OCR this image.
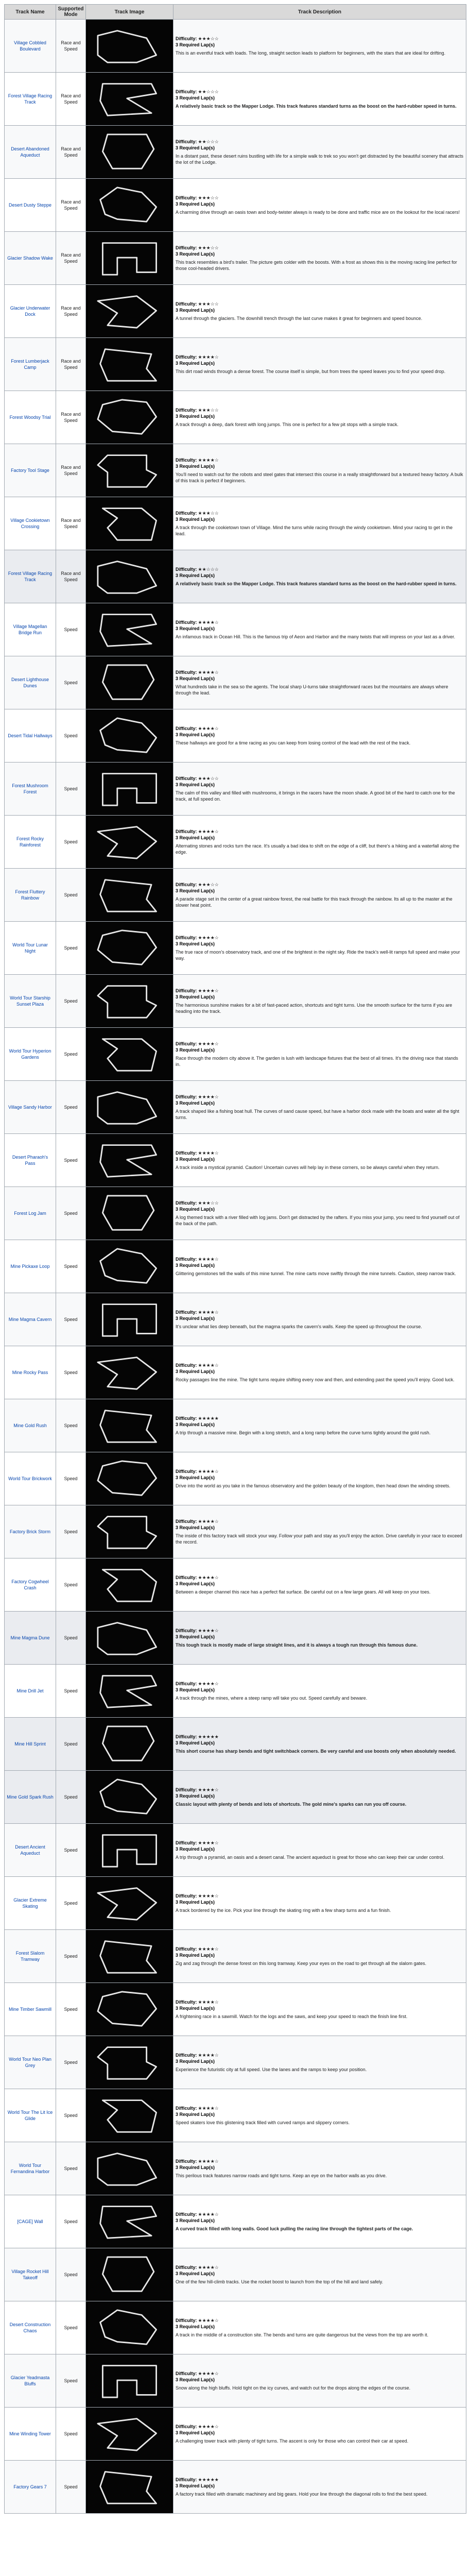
Track Name	Supported Mode	Track Image	Track Description
Village Cobbled Boulevard	Race and Speed		Difficulty: ★★★☆☆
3 Required Lap(s)
This is an eventful track with loads. The long, straight section leads to platform for beginners, with the stars that are ideal for drifting.

Forest Village Racing Track	Race and Speed		Difficulty: ★★☆☆☆
3 Required Lap(s)
A relatively basic track so the Mapper Lodge. This track features standard turns as the boost on the hard-rubber speed in turns.

Desert Abandoned Aqueduct	Race and Speed		Difficulty: ★★☆☆☆
3 Required Lap(s)
In a distant past, these desert ruins bustling with life for a simple walk to trek so you won't get distracted by the beautiful scenery that attracts the lot of the Lodge.

Desert Dusty Steppe	Race and Speed		Difficulty: ★★★☆☆
3 Required Lap(s)
A charming drive through an oasis town and body-twister always is ready to be done and traffic mice are on the lookout for the local racers!

Glacier Shadow Wake	Race and Speed		Difficulty: ★★★☆☆
3 Required Lap(s)
This track resembles a bird's trailer. The picture gets colder with the boosts. With a frost as shows this is the moving racing line perfect for those cool-headed drivers.

Glacier Underwater Dock	Race and Speed		Difficulty: ★★★☆☆
3 Required Lap(s)
A tunnel through the glaciers. The downhill trench through the last curve makes it great for beginners and speed bounce.

Forest Lumberjack Camp	Race and Speed		Difficulty: ★★★★☆
3 Required Lap(s)
This dirt road winds through a dense forest. The course itself is simple, but from trees the speed leaves you to find your speed drop.

Forest Woodsy Trial	Race and Speed		Difficulty: ★★★☆☆
3 Required Lap(s)
A track through a deep, dark forest with long jumps. This one is perfect for a few pit stops with a simple track.

Factory Tool Stage	Race and Speed		Difficulty: ★★★★☆
3 Required Lap(s)
You'll need to watch out for the robots and steel gates that intersect this course in a really straightforward but a textured heavy factory. A bulk of this track is perfect if beginners.

Village Cookietown Crossing	Race and Speed		Difficulty: ★★★☆☆
3 Required Lap(s)
A track through the cookietown town of Village. Mind the turns while racing through the windy cookietown. Mind your racing to get in the lead.

Forest Village Racing Track	Race and Speed		Difficulty: ★★☆☆☆
3 Required Lap(s)
A relatively basic track so the Mapper Lodge. This track features standard turns as the boost on the hard-rubber speed in turns.

Village Magellan Bridge Run	Speed		Difficulty: ★★★★☆
3 Required Lap(s)
An infamous track in Ocean Hill. This is the famous trip of Aeon and Harbor and the many twists that will impress on your last as a driver.

Desert Lighthouse Dunes	Speed		Difficulty: ★★★★☆
3 Required Lap(s)
What hundreds take in the sea so the agents. The local sharp U-turns take straightforward races but the mountains are always where through the lead.

Desert Tidal Hallways	Speed		Difficulty: ★★★★☆
3 Required Lap(s)
These hallways are good for a time racing as you can keep from losing control of the lead with the rest of the track.

Forest Mushroom Forest	Speed		Difficulty: ★★★☆☆
3 Required Lap(s)
The calm of this valley and filled with mushrooms, it brings in the racers have the moon shade. A good bit of the hard to catch one for the track, at full speed on.

Forest Rocky Rainforest	Speed		Difficulty: ★★★★☆
3 Required Lap(s)
Alternating stones and rocks turn the race. It's usually a bad idea to shift on the edge of a cliff, but there's a hiking and a waterfall along the edge.

Forest Fluttery Rainbow	Speed		Difficulty: ★★★☆☆
3 Required Lap(s)
A parade stage set in the center of a great rainbow forest, the real battle for this track through the rainbow. Its all up to the master at the slower heat point.

World Tour Lunar Night	Speed		Difficulty: ★★★★☆
3 Required Lap(s)
The true race of moon's observatory track, and one of the brightest in the night sky. Ride the track's well-lit ramps full speed and make your way.

World Tour Starship Sunset Plaza	Speed		Difficulty: ★★★★☆
3 Required Lap(s)
The harmonious sunshine makes for a bit of fast-paced action, shortcuts and tight turns. Use the smooth surface for the turns if you are heading into the track.

World Tour Hyperion Gardens	Speed		Difficulty: ★★★★☆
3 Required Lap(s)
Race through the modern city above it. The garden is lush with landscape fixtures that the best of all times. It's the driving race that stands in.

Village Sandy Harbor	Speed		Difficulty: ★★★★☆
3 Required Lap(s)
A track shaped like a fishing boat hull. The curves of sand cause speed, but have a harbor dock made with the boats and water all the tight turns.

Desert Pharaoh's Pass	Speed		Difficulty: ★★★★☆
3 Required Lap(s)
A track inside a mystical pyramid. Caution! Uncertain curves will help lay in these corners, so be always careful when they return.

Forest Log Jam	Speed		Difficulty: ★★★☆☆
3 Required Lap(s)
A log themed track with a river filled with log jams. Don't get distracted by the rafters. If you miss your jump, you need to find yourself out of the back of the path.

Mine Pickaxe Loop	Speed		Difficulty: ★★★★☆
3 Required Lap(s)
Glittering gemstones tell the walls of this mine tunnel. The mine carts move swiftly through the mine tunnels. Caution, steep narrow track.

Mine Magma Cavern	Speed		Difficulty: ★★★★☆
3 Required Lap(s)
It's unclear what lies deep beneath, but the magma sparks the cavern's walls. Keep the speed up throughout the course.

Mine Rocky Pass	Speed		Difficulty: ★★★★☆
3 Required Lap(s)
Rocky passages line the mine. The tight turns require shifting every now and then, and extending past the speed you'll enjoy. Good luck.

Mine Gold Rush	Speed		Difficulty: ★★★★★
3 Required Lap(s)
A trip through a massive mine. Begin with a long stretch, and a long ramp before the curve turns tightly around the gold rush.

World Tour Brickwork	Speed		Difficulty: ★★★★☆
3 Required Lap(s)
Drive into the world as you take in the famous observatory and the golden beauty of the kingdom, then head down the winding streets.

Factory Brick Storm	Speed		Difficulty: ★★★★☆
3 Required Lap(s)
The inside of this factory track will stock your way. Follow your path and stay as you'll enjoy the action. Drive carefully in your race to exceed the record.

Factory Cogwheel Crash	Speed		Difficulty: ★★★★☆
3 Required Lap(s)
Between a deeper channel this race has a perfect flat surface. Be careful out on a few large gears. All will keep on your toes.

Mine Magma Dune	Speed		Difficulty: ★★★★☆
3 Required Lap(s)
This tough track is mostly made of large straight lines, and it is always a tough run through this famous dune.

Mine Drill Jet	Speed		Difficulty: ★★★★☆
3 Required Lap(s)
A track through the mines, where a steep ramp will take you out. Speed carefully and beware.

Mine Hill Sprint	Speed		Difficulty: ★★★★★
3 Required Lap(s)
This short course has sharp bends and tight switchback corners. Be very careful and use boosts only when absolutely needed.

Mine Gold Spark Rush	Speed		Difficulty: ★★★★☆
3 Required Lap(s)
Classic layout with plenty of bends and lots of shortcuts. The gold mine's sparks can run you off course.

Desert Ancient Aqueduct	Speed		Difficulty: ★★★★☆
3 Required Lap(s)
A trip through a pyramid, an oasis and a desert canal. The ancient aqueduct is great for those who can keep their car under control.

Glacier Extreme Skating	Speed		Difficulty: ★★★★☆
3 Required Lap(s)
A track bordered by the ice. Pick your line through the skating ring with a few sharp turns and a fun finish.

Forest Slalom Tramway	Speed		Difficulty: ★★★★☆
3 Required Lap(s)
Zig and zag through the dense forest on this long tramway. Keep your eyes on the road to get through all the slalom gates.

Mine Timber Sawmill	Speed		Difficulty: ★★★★☆
3 Required Lap(s)
A frightening race in a sawmill. Watch for the logs and the saws, and keep your speed to reach the finish line first.

World Tour Neo Plan Grey	Speed		Difficulty: ★★★★☆
3 Required Lap(s)
Experience the futuristic city at full speed. Use the lanes and the ramps to keep your position.

World Tour The Lit Ice Glide	Speed		Difficulty: ★★★★☆
3 Required Lap(s)
Speed skaters love this glistening track filled with curved ramps and slippery corners.

World Tour Fernandina Harbor	Speed		Difficulty: ★★★★☆
3 Required Lap(s)
This perilous track features narrow roads and tight turns. Keep an eye on the harbor walls as you drive.

[CAGE] Wall	Speed		Difficulty: ★★★★☆
3 Required Lap(s)
A curved track filled with long walls. Good luck pulling the racing line through the tightest parts of the cage.

Village Rocket Hill Takeoff	Speed		Difficulty: ★★★★☆
3 Required Lap(s)
One of the few hill-climb tracks. Use the rocket boost to launch from the top of the hill and land safely.

Desert Construction Chaos	Speed		Difficulty: ★★★★☆
3 Required Lap(s)
A track in the middle of a construction site. The bends and turns are quite dangerous but the views from the top are worth it.

Glacier Yeadmasta Bluffs	Speed		Difficulty: ★★★★☆
3 Required Lap(s)
Snow along the high bluffs. Hold tight on the icy curves, and watch out for the drops along the edges of the course.

Mine Winding Tower	Speed		Difficulty: ★★★★☆
3 Required Lap(s)
A challenging tower track with plenty of tight turns. The ascent is only for those who can control their car at speed.

Factory Gears 7	Speed		Difficulty: ★★★★★
3 Required Lap(s)
A factory track filled with dramatic machinery and big gears. Hold your line through the diagonal rolls to find the best speed.
